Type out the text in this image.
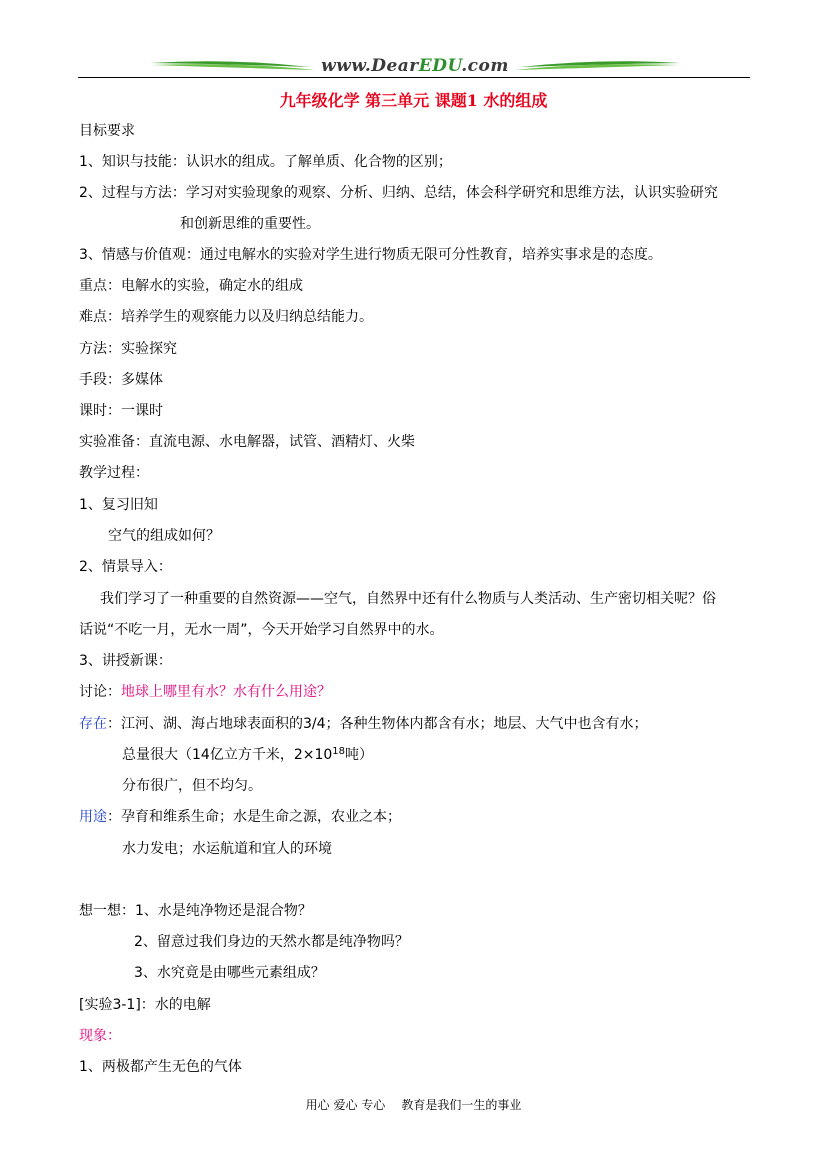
www.DearEDU.com
九年级化学 第三单元 课题1 水的组成
目标要求
1、知识与技能：认识水的组成。了解单质、化合物的区别；
2、过程与方法：学习对实验现象的观察、分析、归纳、总结，体会科学研究和思维方法，认识实验研究
和创新思维的重要性。
3、情感与价值观：通过电解水的实验对学生进行物质无限可分性教育，培养实事求是的态度。
重点：电解水的实验，确定水的组成
难点：培养学生的观察能力以及归纳总结能力。
方法：实验探究
手段：多媒体
课时：一课时
实验准备：直流电源、水电解器，试管、酒精灯、火柴
教学过程：
1、复习旧知
空气的组成如何？
2、情景导入：
我们学习了一种重要的自然资源——空气，自然界中还有什么物质与人类活动、生产密切相关呢？俗
话说“不吃一月，无水一周”，今天开始学习自然界中的水。
3、讲授新课：
讨论：地球上哪里有水？水有什么用途？
存在：江河、湖、海占地球表面积的3/4；各种生物体内都含有水；地层、大气中也含有水；
总量很大（14亿立方千米，$2\times 10^{18}$吨）
分布很广，但不均匀。
用途：孕育和维系生命；水是生命之源，农业之本；
水力发电；水运航道和宜人的环境
想一想：1、水是纯净物还是混合物？
2、留意过我们身边的天然水都是纯净物吗？
3、水究竟是由哪些元素组成？
[实验3-1]：水的电解
现象：
1、两极都产生无色的气体
用心 爱心 专心 教育是我们一生的事业
